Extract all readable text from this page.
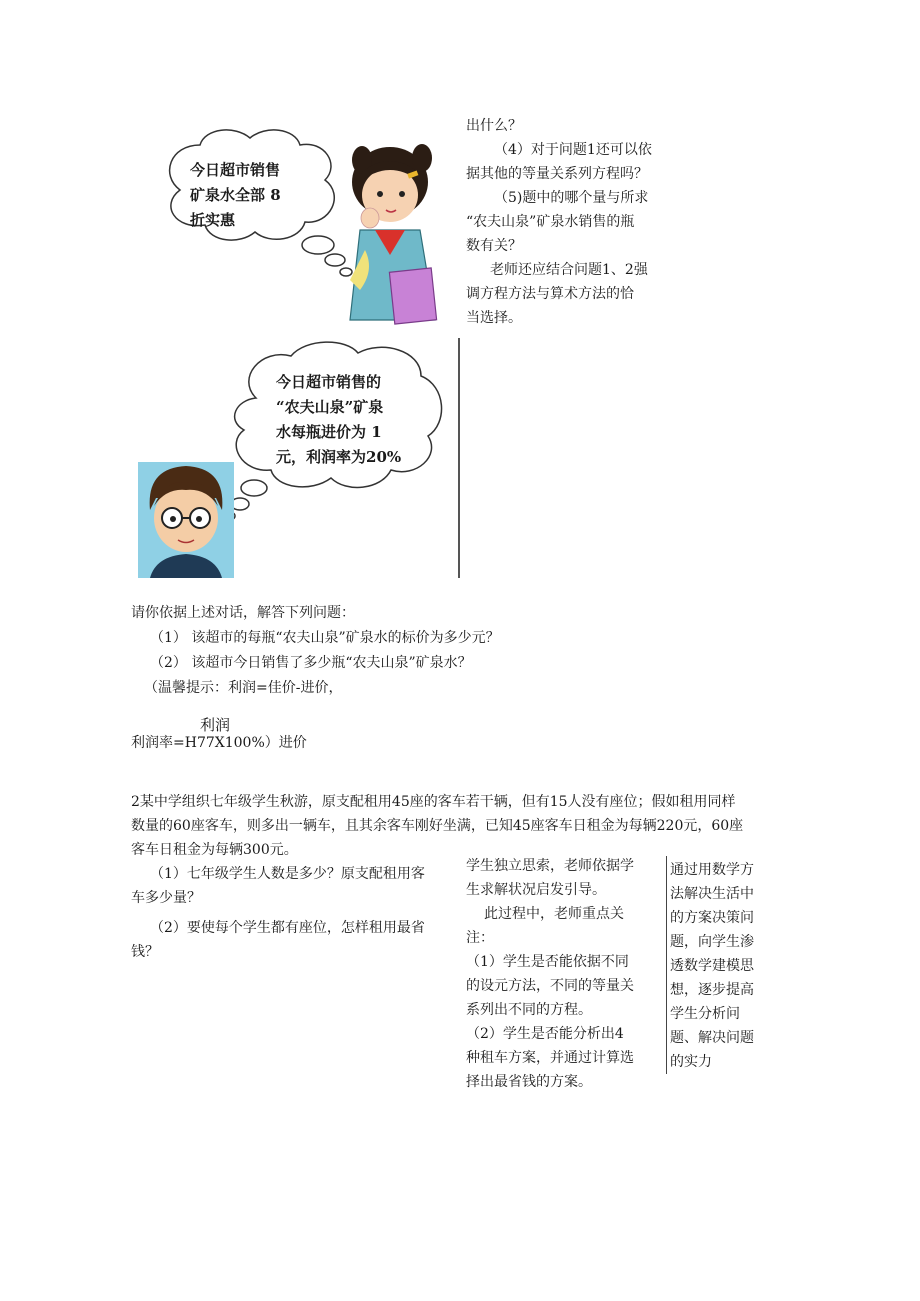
今日超市销售
矿泉水全部 8
折实惠

出什么？

（4）对于问题1还可以依

据其他的等量关系列方程吗？

（5)题中的哪个量与所求

“农夫山泉”矿泉水销售的瓶

数有关？

老师还应结合问题1、2强

调方程方法与算术方法的恰

当选择。

今日超市销售的
“农夫山泉”矿泉
水每瓶进价为 1
元，利润率为20%
请你依据上述对话，解答下列问题：
（1） 该超市的每瓶“农夫山泉”矿泉水的标价为多少元？
（2） 该超市今日销售了多少瓶“农夫山泉”矿泉水？
（温馨提示：利润=佳价-进价，
利润
利润率=H77X100%）进价
2某中学组织七年级学生秋游，原支配租用45座的客车若干辆，但有15人没有座位；假如租用同样
数量的60座客车，则多出一辆车，且其余客车刚好坐满，已知45座客车日租金为每辆220元，60座
客车日租金为每辆300元。
（1）七年级学生人数是多少？原支配租用客
车多少量？
（2）要使每个学生都有座位，怎样租用最省
钱？

学生独立思索，老师依据学

生求解状况启发引导。

此过程中，老师重点关

注：

（1）学生是否能依据不同

的设元方法，不同的等量关

系列出不同的方程。

（2）学生是否能分析出4

种租车方案，并通过计算选

择出最省钱的方案。

通过用数学方

法解决生活中

的方案决策问

题，向学生渗

透数学建模思

想，逐步提高

学生分析问

题、解决问题

的实力
